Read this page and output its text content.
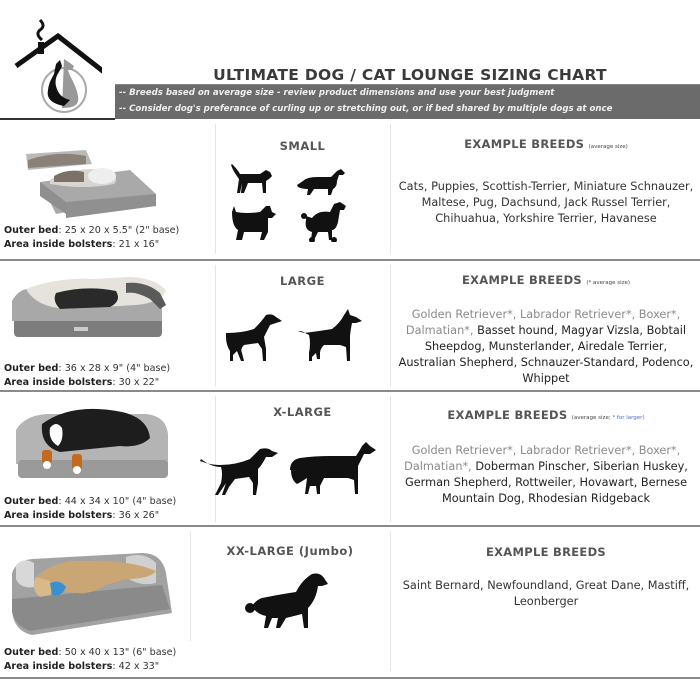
ULTIMATE DOG / CAT LOUNGE SIZING CHART
-- Breeds based on average size - review product dimensions and use your best judgment
-- Consider dog's preferance of curling up or stretching out, or if bed shared by multiple dogs at once
Outer bed: 25 x 20 x 5.5" (2" base)
Area inside bolsters: 21 x 16"
SMALL	EXAMPLE BREEDS (average size)
Cats, Puppies, Scottish-Terrier, Miniature Schnauzer, Maltese, Pug, Dachsund, Jack Russel Terrier, Chihuahua, Yorkshire Terrier, Havanese
Outer bed: 36 x 28 x 9" (4" base)
Area inside bolsters: 30 x 22"
LARGE	EXAMPLE BREEDS (* average size)
Golden Retriever*, Labrador Retriever*, Boxer*, Dalmatian*, Basset hound, Magyar Vizsla, Bobtail Sheepdog, Munsterlander, Airedale Terrier, Australian Shepherd, Schnauzer-Standard, Podenco, Whippet
Outer bed: 44 x 34 x 10" (4" base)
Area inside bolsters: 36 x 26"
X-LARGE	EXAMPLE BREEDS (average size; * for larger)
Golden Retriever*, Labrador Retriever*, Boxer*, Dalmatian*, Doberman Pinscher, Siberian Huskey, German Shepherd, Rottweiler, Hovawart, Bernese Mountain Dog, Rhodesian Ridgeback
Outer bed: 50 x 40 x 13" (6" base)
Area inside bolsters: 42 x 33"
XX-LARGE (Jumbo)	EXAMPLE BREEDS
Saint Bernard, Newfoundland, Great Dane, Mastiff, Leonberger
